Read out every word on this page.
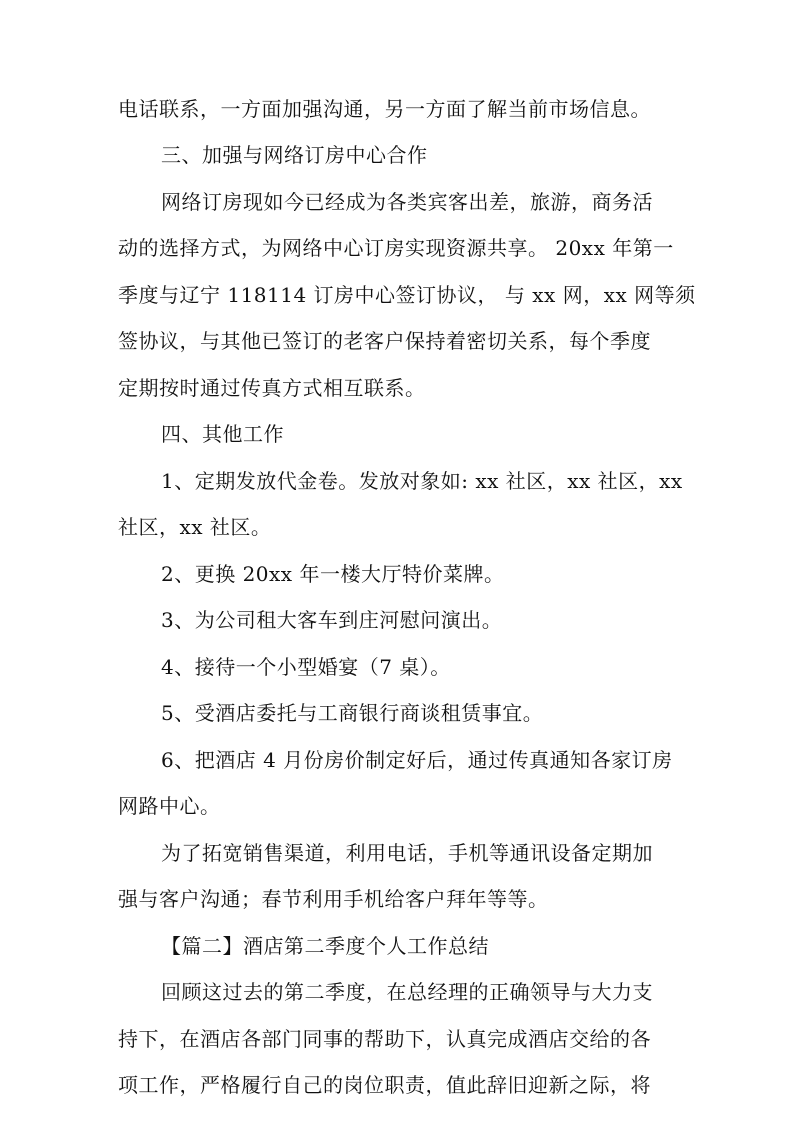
电话联系，一方面加强沟通，另一方面了解当前市场信息。
三、加强与网络订房中心合作
网络订房现如今已经成为各类宾客出差，旅游，商务活
动的选择方式，为网络中心订房实现资源共享。 20xx 年第一
季度与辽宁 118114 订房中心签订协议， 与 xx 网，xx 网等须
签协议，与其他已签订的老客户保持着密切关系，每个季度
定期按时通过传真方式相互联系。
四、其他工作
1、定期发放代金卷。发放对象如: xx 社区，xx 社区，xx
社区，xx 社区。
2、更换 20xx 年一楼大厅特价菜牌。
3、为公司租大客车到庄河慰问演出。
4、接待一个小型婚宴（7 桌）。
5、受酒店委托与工商银行商谈租赁事宜。
6、把酒店 4 月份房价制定好后，通过传真通知各家订房
网路中心。
为了拓宽销售渠道，利用电话，手机等通讯设备定期加
强与客户沟通；春节利用手机给客户拜年等等。
【篇二】酒店第二季度个人工作总结
回顾这过去的第二季度，在总经理的正确领导与大力支
持下，在酒店各部门同事的帮助下，认真完成酒店交给的各
项工作，严格履行自己的岗位职责，值此辞旧迎新之际，将
